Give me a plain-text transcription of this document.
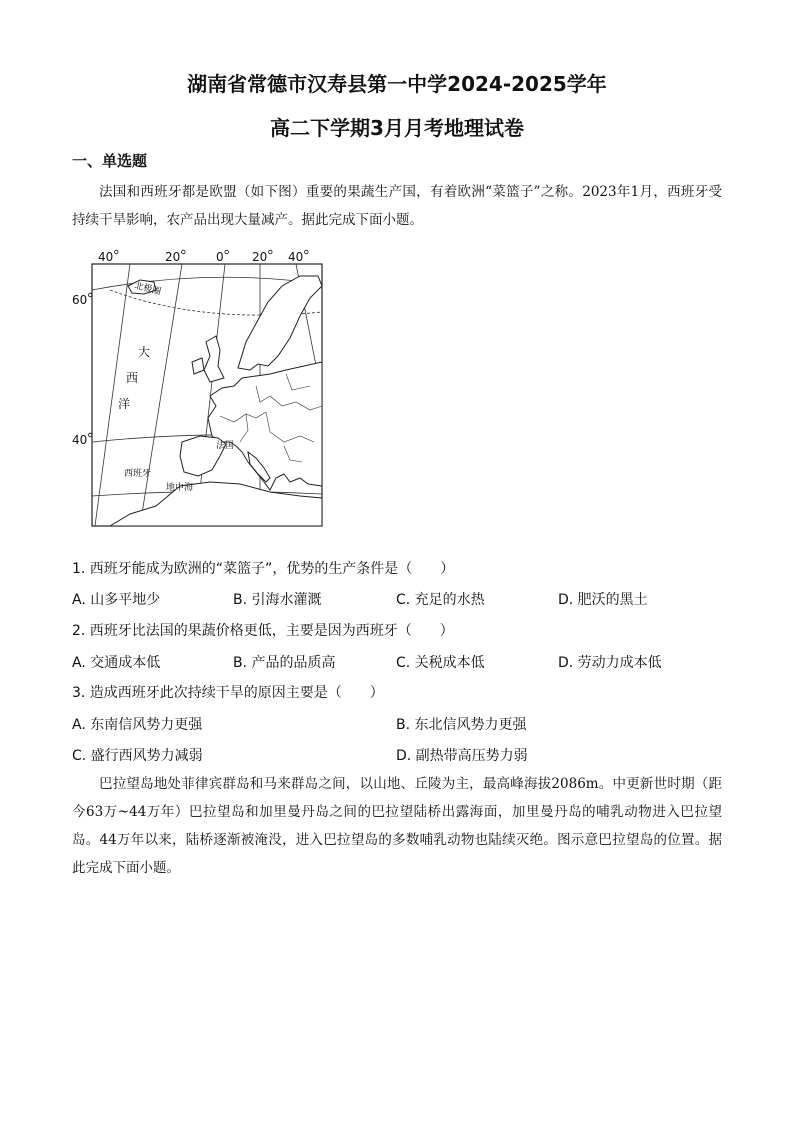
湖南省常德市汉寿县第一中学2024-2025学年
高二下学期3月月考地理试卷
一、单选题
法国和西班牙都是欧盟（如下图）重要的果蔬生产国，有着欧洲“菜篮子”之称。2023年1月，西班牙受持续干旱影响，农产品出现大量减产。据此完成下面小题。
40	20	0 20 40
60
40
北极圈
大
西
洋
法国
西班牙
地中海
1. 西班牙能成为欧洲的“菜篮子”，优势的生产条件是（　　）
A. 山多平地少	B. 引海水灌溉	C. 充足的水热	D. 肥沃的黑土
2. 西班牙比法国的果蔬价格更低，主要是因为西班牙（　　）
A. 交通成本低	B. 产品的品质高	C. 关税成本低	D. 劳动力成本低
3. 造成西班牙此次持续干旱的原因主要是（　　）
A. 东南信风势力更强	B. 东北信风势力更强
C. 盛行西风势力减弱	D. 副热带高压势力弱
巴拉望岛地处菲律宾群岛和马来群岛之间，以山地、丘陵为主，最高峰海拔2086m。中更新世时期（距今63万~44万年）巴拉望岛和加里曼丹岛之间的巴拉望陆桥出露海面，加里曼丹岛的哺乳动物进入巴拉望岛。44万年以来，陆桥逐渐被淹没，进入巴拉望岛的多数哺乳动物也陆续灭绝。图示意巴拉望岛的位置。据此完成下面小题。
